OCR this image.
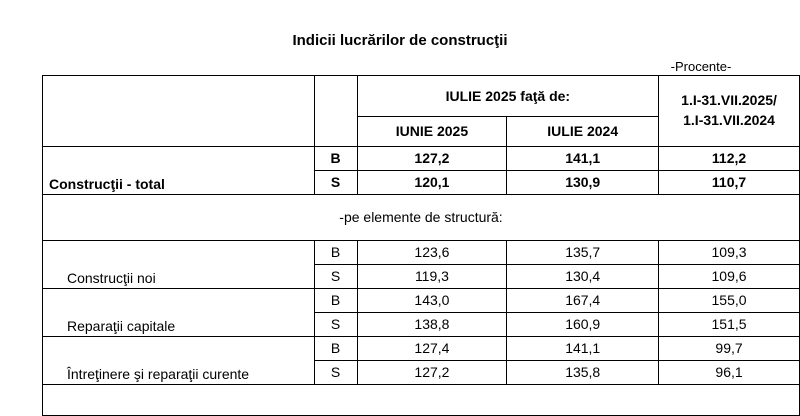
Indicii lucrărilor de construcţii
-Procente-
		IULIE 2025 faţă de:		1.I-31.VII.2025/
1.I-31.VII.2024
		IUNIE 2025	IULIE 2024	
Construcţii - total	B	127,2	141,1	112,2
	S	120,1	130,9	110,7
-pe elemente de structură:				
Construcţii noi	B	123,6	135,7	109,3
	S	119,3	130,4	109,6
Reparaţii capitale	B	143,0	167,4	155,0
	S	138,8	160,9	151,5
Întreţinere şi reparaţii curente	B	127,4	141,1	99,7
	S	127,2	135,8	96,1
